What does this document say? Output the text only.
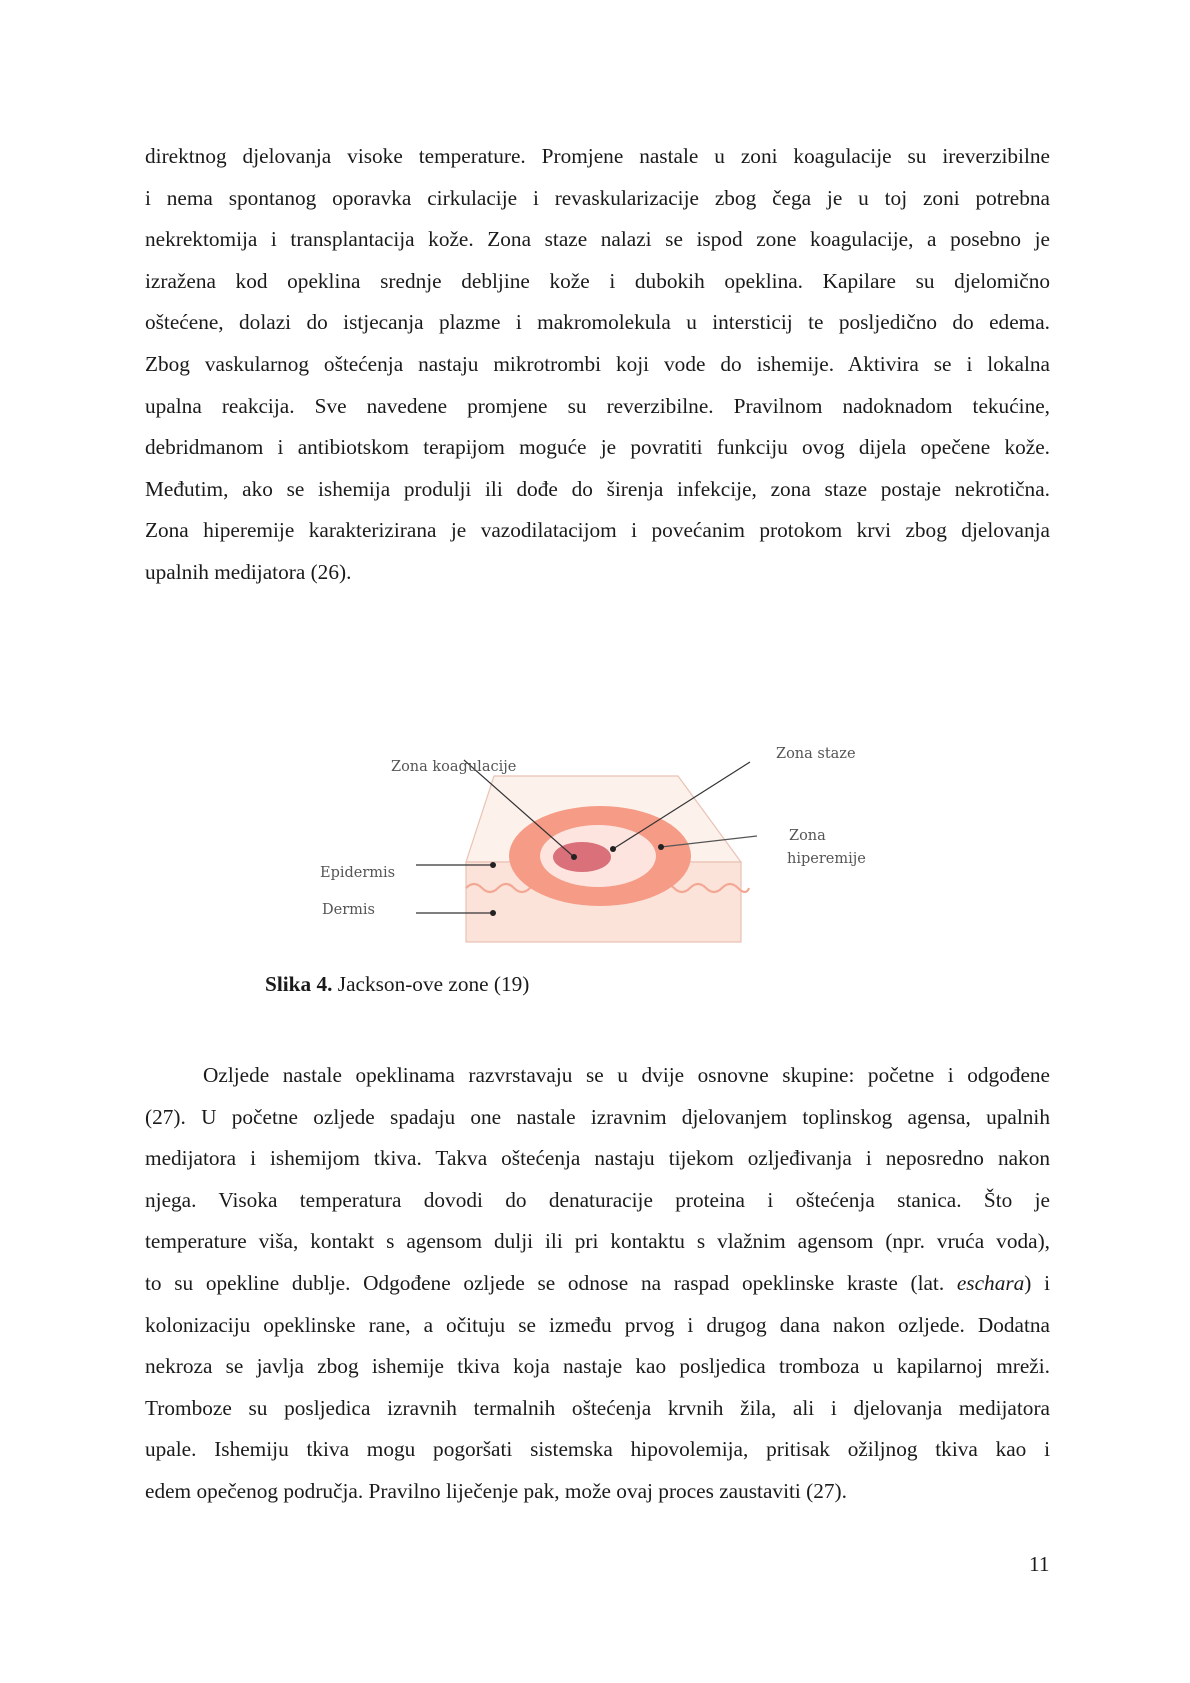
direktnog djelovanja visoke temperature. Promjene nastale u zoni koagulacije su ireverzibilne
i nema spontanog oporavka cirkulacije i revaskularizacije zbog čega je u toj zoni potrebna
nekrektomija i transplantacija kože. Zona staze nalazi se ispod zone koagulacije, a posebno je
izražena kod opeklina srednje debljine kože i dubokih opeklina. Kapilare su djelomično
oštećene, dolazi do istjecanja plazme i makromolekula u intersticij te posljedično do edema.
Zbog vaskularnog oštećenja nastaju mikrotrombi koji vode do ishemije. Aktivira se i lokalna
upalna reakcija. Sve navedene promjene su reverzibilne. Pravilnom nadoknadom tekućine,
debridmanom i antibiotskom terapijom moguće je povratiti funkciju ovog dijela opečene kože.
Međutim, ako se ishemija produlji ili dođe do širenja infekcije, zona staze postaje nekrotična.
Zona hiperemije karakterizirana je vazodilatacijom i povećanim protokom krvi zbog djelovanja
upalnih medijatora (26).
Zona koagulacije
Zona staze
Zona
hiperemije
Epidermis
Dermis
Slika 4. Jackson-ove zone (19)
Ozljede nastale opeklinama razvrstavaju se u dvije osnovne skupine: početne i odgođene
(27). U početne ozljede spadaju one nastale izravnim djelovanjem toplinskog agensa, upalnih
medijatora i ishemijom tkiva. Takva oštećenja nastaju tijekom ozljeđivanja i neposredno nakon
njega. Visoka temperatura dovodi do denaturacije proteina i oštećenja stanica. Što je
temperature viša, kontakt s agensom dulji ili pri kontaktu s vlažnim agensom (npr. vruća voda),
to su opekline dublje. Odgođene ozljede se odnose na raspad opeklinske kraste (lat. eschara) i
kolonizaciju opeklinske rane, a očituju se između prvog i drugog dana nakon ozljede. Dodatna
nekroza se javlja zbog ishemije tkiva koja nastaje kao posljedica tromboza u kapilarnoj mreži.
Tromboze su posljedica izravnih termalnih oštećenja krvnih žila, ali i djelovanja medijatora
upale. Ishemiju tkiva mogu pogoršati sistemska hipovolemija, pritisak ožiljnog tkiva kao i
edem opečenog područja. Pravilno liječenje pak, može ovaj proces zaustaviti (27).
11
